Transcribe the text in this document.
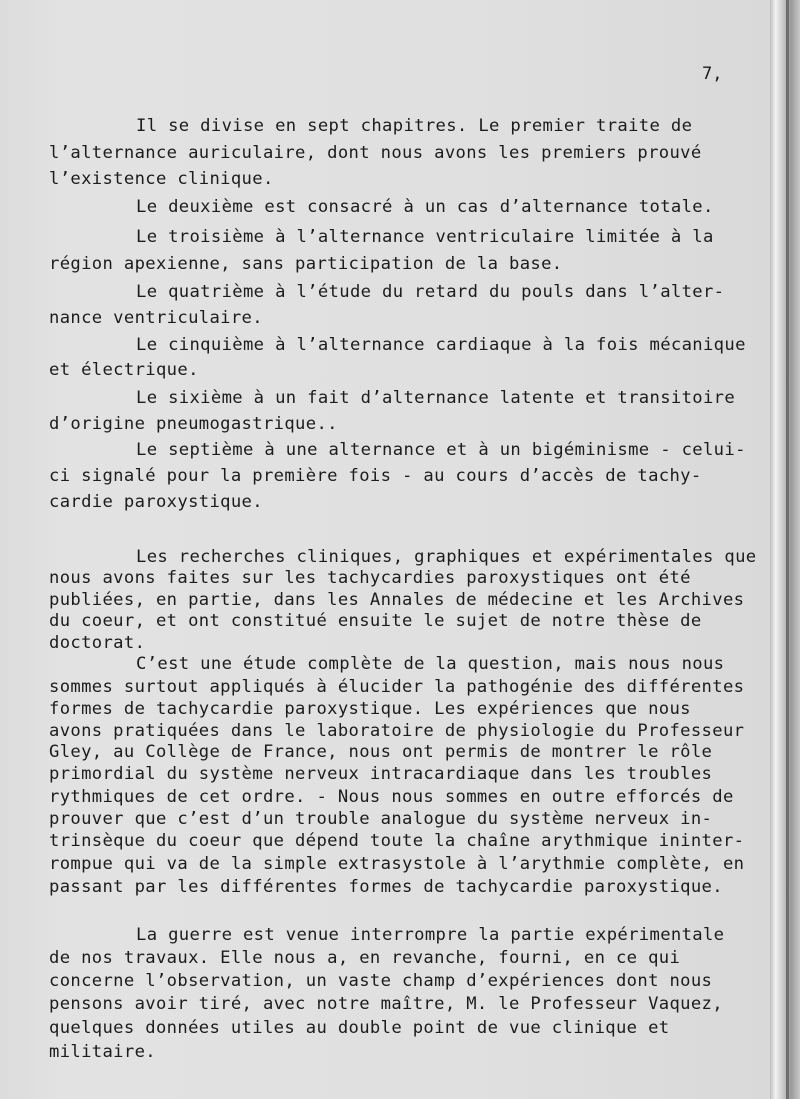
7,
Il se divise en sept chapitres. Le premier traite de
l’alternance auriculaire, dont nous avons les premiers prouvé
l’existence clinique.
Le deuxième est consacré à un cas d’alternance totale.
Le troisième à l’alternance ventriculaire limitée à la
région apexienne, sans participation de la base.
Le quatrième à l’étude du retard du pouls dans l’alter-
nance ventriculaire.
Le cinquième à l’alternance cardiaque à la fois mécanique
et électrique.
Le sixième à un fait d’alternance latente et transitoire
d’origine pneumogastrique..
Le septième à une alternance et à un bigéminisme - celui-
ci signalé pour la première fois - au cours d’accès de tachy-
cardie paroxystique.
Les recherches cliniques, graphiques et expérimentales que
nous avons faites sur les tachycardies paroxystiques ont été
publiées, en partie, dans les Annales de médecine et les Archives
du coeur, et ont constitué ensuite le sujet de notre thèse de
doctorat.
C’est une étude complète de la question, mais nous nous
sommes surtout appliqués à élucider la pathogénie des différentes
formes de tachycardie paroxystique. Les expériences que nous
avons pratiquées dans le laboratoire de physiologie du Professeur
Gley, au Collège de France, nous ont permis de montrer le rôle
primordial du système nerveux intracardiaque dans les troubles
rythmiques de cet ordre. - Nous nous sommes en outre efforcés de
prouver que c’est d’un trouble analogue du système nerveux in-
trinsèque du coeur que dépend toute la chaîne arythmique ininter-
rompue qui va de la simple extrasystole à l’arythmie complète, en
passant par les différentes formes de tachycardie paroxystique.
La guerre est venue interrompre la partie expérimentale
de nos travaux. Elle nous a, en revanche, fourni, en ce qui
concerne l’observation, un vaste champ d’expériences dont nous
pensons avoir tiré, avec notre maître, M. le Professeur Vaquez,
quelques données utiles au double point de vue clinique et
militaire.
